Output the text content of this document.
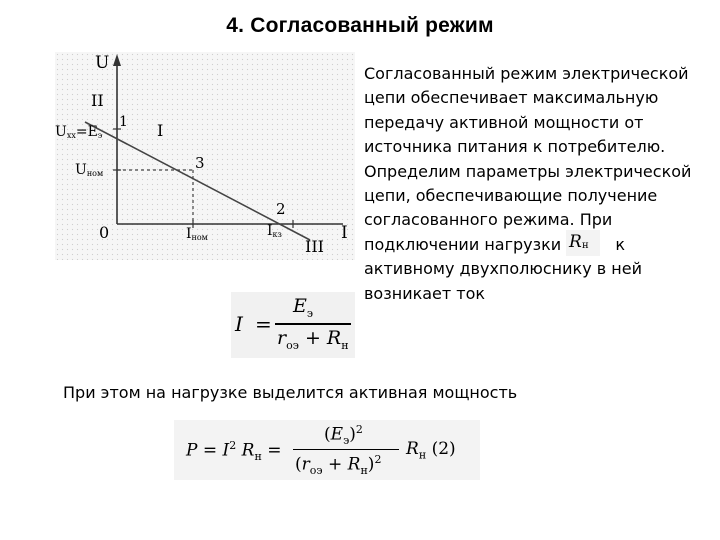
4. Согласованный режим
U
I
0
II
I
III
1
3
2
Uхх=Eэ
Uном
Iном	Iкз
Согласованный режим электрической цепи обеспечивает максимальную передачу активной мощности от источника питания к потребителю. Определим параметры электрической цепи, обеспечивающие получение согласованного режима. При подключении нагрузки	к активному двухполюснику в ней возникает ток
R н
I =
$E_э$
$r_{оэ} + R_н$
При этом на нагрузке выделится активная мощность
$P = I^2$ $R_н$ =
$(E_э)^2$
$(r_{оэ} + R_н)^2$
$R_н$ (2)
